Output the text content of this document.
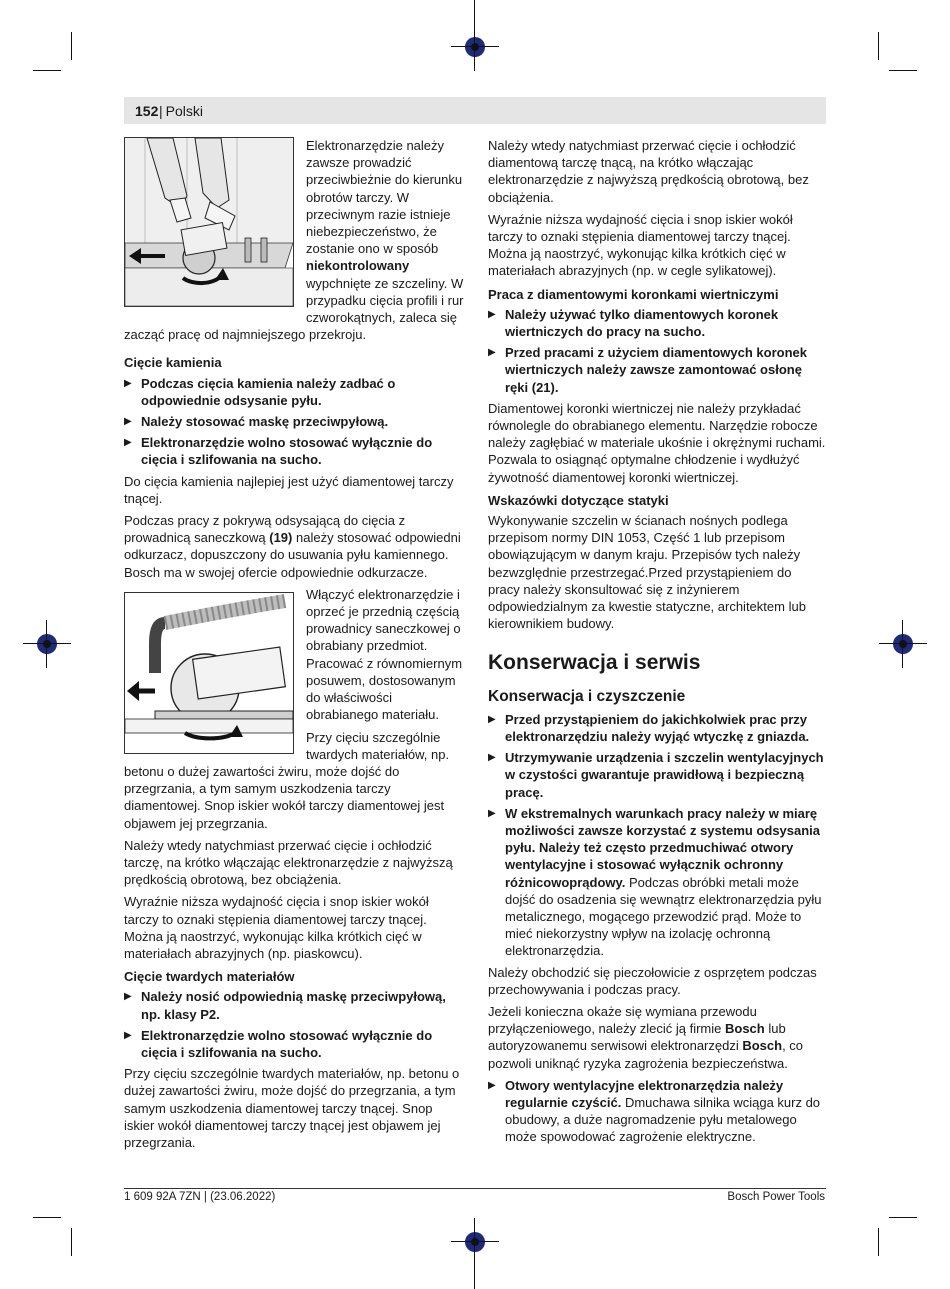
152
| Polski

Elektronarzędzie należy zawsze prowadzić przeciwbieżnie do kierunku obrotów tarczy. W przeciwnym razie istnieje niebezpieczeństwo, że zostanie ono w sposób niekontrolowany wypchnięte ze szczeliny. W przypadku cięcia profili i rur czworokątnych, zaleca się zacząć pracę od najmniejszego przekroju.

Cięcie kamienia
▶ Podczas cięcia kamienia należy zadbać o odpowiednie odsysanie pyłu.
▶ Należy stosować maskę przeciwpyłową.
▶ Elektronarzędzie wolno stosować wyłącznie do cięcia i szlifowania na sucho.

Do cięcia kamienia najlepiej jest użyć diamentowej tarczy tnącej.

Podczas pracy z pokrywą odsysającą do cięcia z prowadnicą saneczkową (19) należy stosować odpowiedni odkurzacz, dopuszczony do usuwania pyłu kamiennego. Bosch ma w swojej ofercie odpowiednie odkurzacze.

Włączyć elektronarzędzie i oprzeć je przednią częścią prowadnicy saneczkowej o obrabiany przedmiot. Pracować z równomiernym posuwem, dostosowanym do właściwości obrabianego materiału.

Przy cięciu szczególnie twardych materiałów, np. betonu o dużej zawartości żwiru, może dojść do przegrzania, a tym samym uszkodzenia tarczy diamentowej. Snop iskier wokół tarczy diamentowej jest objawem jej przegrzania.

Należy wtedy natychmiast przerwać cięcie i ochłodzić tarczę, na krótko włączając elektronarzędzie z najwyższą prędkością obrotową, bez obciążenia.

Wyraźnie niższa wydajność cięcia i snop iskier wokół tarczy to oznaki stępienia diamentowej tarczy tnącej. Można ją naostrzyć, wykonując kilka krótkich cięć w materiałach abrazyjnych (np. piaskowcu).

Cięcie twardych materiałów
▶ Należy nosić odpowiednią maskę przeciwpyłową, np. klasy P2.
▶ Elektronarzędzie wolno stosować wyłącznie do cięcia i szlifowania na sucho.

Przy cięciu szczególnie twardych materiałów, np. betonu o dużej zawartości żwiru, może dojść do przegrzania, a tym samym uszkodzenia diamentowej tarczy tnącej. Snop iskier wokół diamentowej tarczy tnącej jest objawem jej przegrzania.

Należy wtedy natychmiast przerwać cięcie i ochłodzić diamentową tarczę tnącą, na krótko włączając elektronarzędzie z najwyższą prędkością obrotową, bez obciążenia.

Wyraźnie niższa wydajność cięcia i snop iskier wokół tarczy to oznaki stępienia diamentowej tarczy tnącej. Można ją naostrzyć, wykonując kilka krótkich cięć w materiałach abrazyjnych (np. w cegle sylikatowej).

Praca z diamentowymi koronkami wiertniczymi
▶ Należy używać tylko diamentowych koronek wiertniczych do pracy na sucho.
▶ Przed pracami z użyciem diamentowych koronek wiertniczych należy zawsze zamontować osłonę ręki (21).

Diamentowej koronki wiertniczej nie należy przykładać równolegle do obrabianego elementu. Narzędzie robocze należy zagłębiać w materiale ukośnie i okrężnymi ruchami. Pozwala to osiągnąć optymalne chłodzenie i wydłużyć żywotność diamentowej koronki wiertniczej.

Wskazówki dotyczące statyki

Wykonywanie szczelin w ścianach nośnych podlega przepisom normy DIN 1053, Część 1 lub przepisom obowiązującym w danym kraju. Przepisów tych należy bezwzględnie przestrzegać.Przed przystąpieniem do pracy należy skonsultować się z inżynierem odpowiedzialnym za kwestie statyczne, architektem lub kierownikiem budowy.

Konserwacja i serwis
Konserwacja i czyszczenie
▶ Przed przystąpieniem do jakichkolwiek prac przy elektronarzędziu należy wyjąć wtyczkę z gniazda.
▶ Utrzymywanie urządzenia i szczelin wentylacyjnych w czystości gwarantuje prawidłową i bezpieczną pracę.
▶ W ekstremalnych warunkach pracy należy w miarę możliwości zawsze korzystać z systemu odsysania pyłu. Należy też często przedmuchiwać otwory wentylacyjne i stosować wyłącznik ochronny różnicowoprądowy. Podczas obróbki metali może dojść do osadzenia się wewnątrz elektronarzędzia pyłu metalicznego, mogącego przewodzić prąd. Może to mieć niekorzystny wpływ na izolację ochronną elektronarzędzia.

Należy obchodzić się pieczołowicie z osprzętem podczas przechowywania i podczas pracy.

Jeżeli konieczna okaże się wymiana przewodu przyłączeniowego, należy zlecić ją firmie Bosch lub autoryzowanemu serwisowi elektronarzędzi Bosch, co pozwoli uniknąć ryzyka zagrożenia bezpieczeństwa.

▶ Otwory wentylacyjne elektronarzędzia należy regularnie czyścić. Dmuchawa silnika wciąga kurz do obudowy, a duże nagromadzenie pyłu metalowego może spowodować zagrożenie elektryczne.
1 609 92A 7ZN | (23.06.2022)	Bosch Power Tools
